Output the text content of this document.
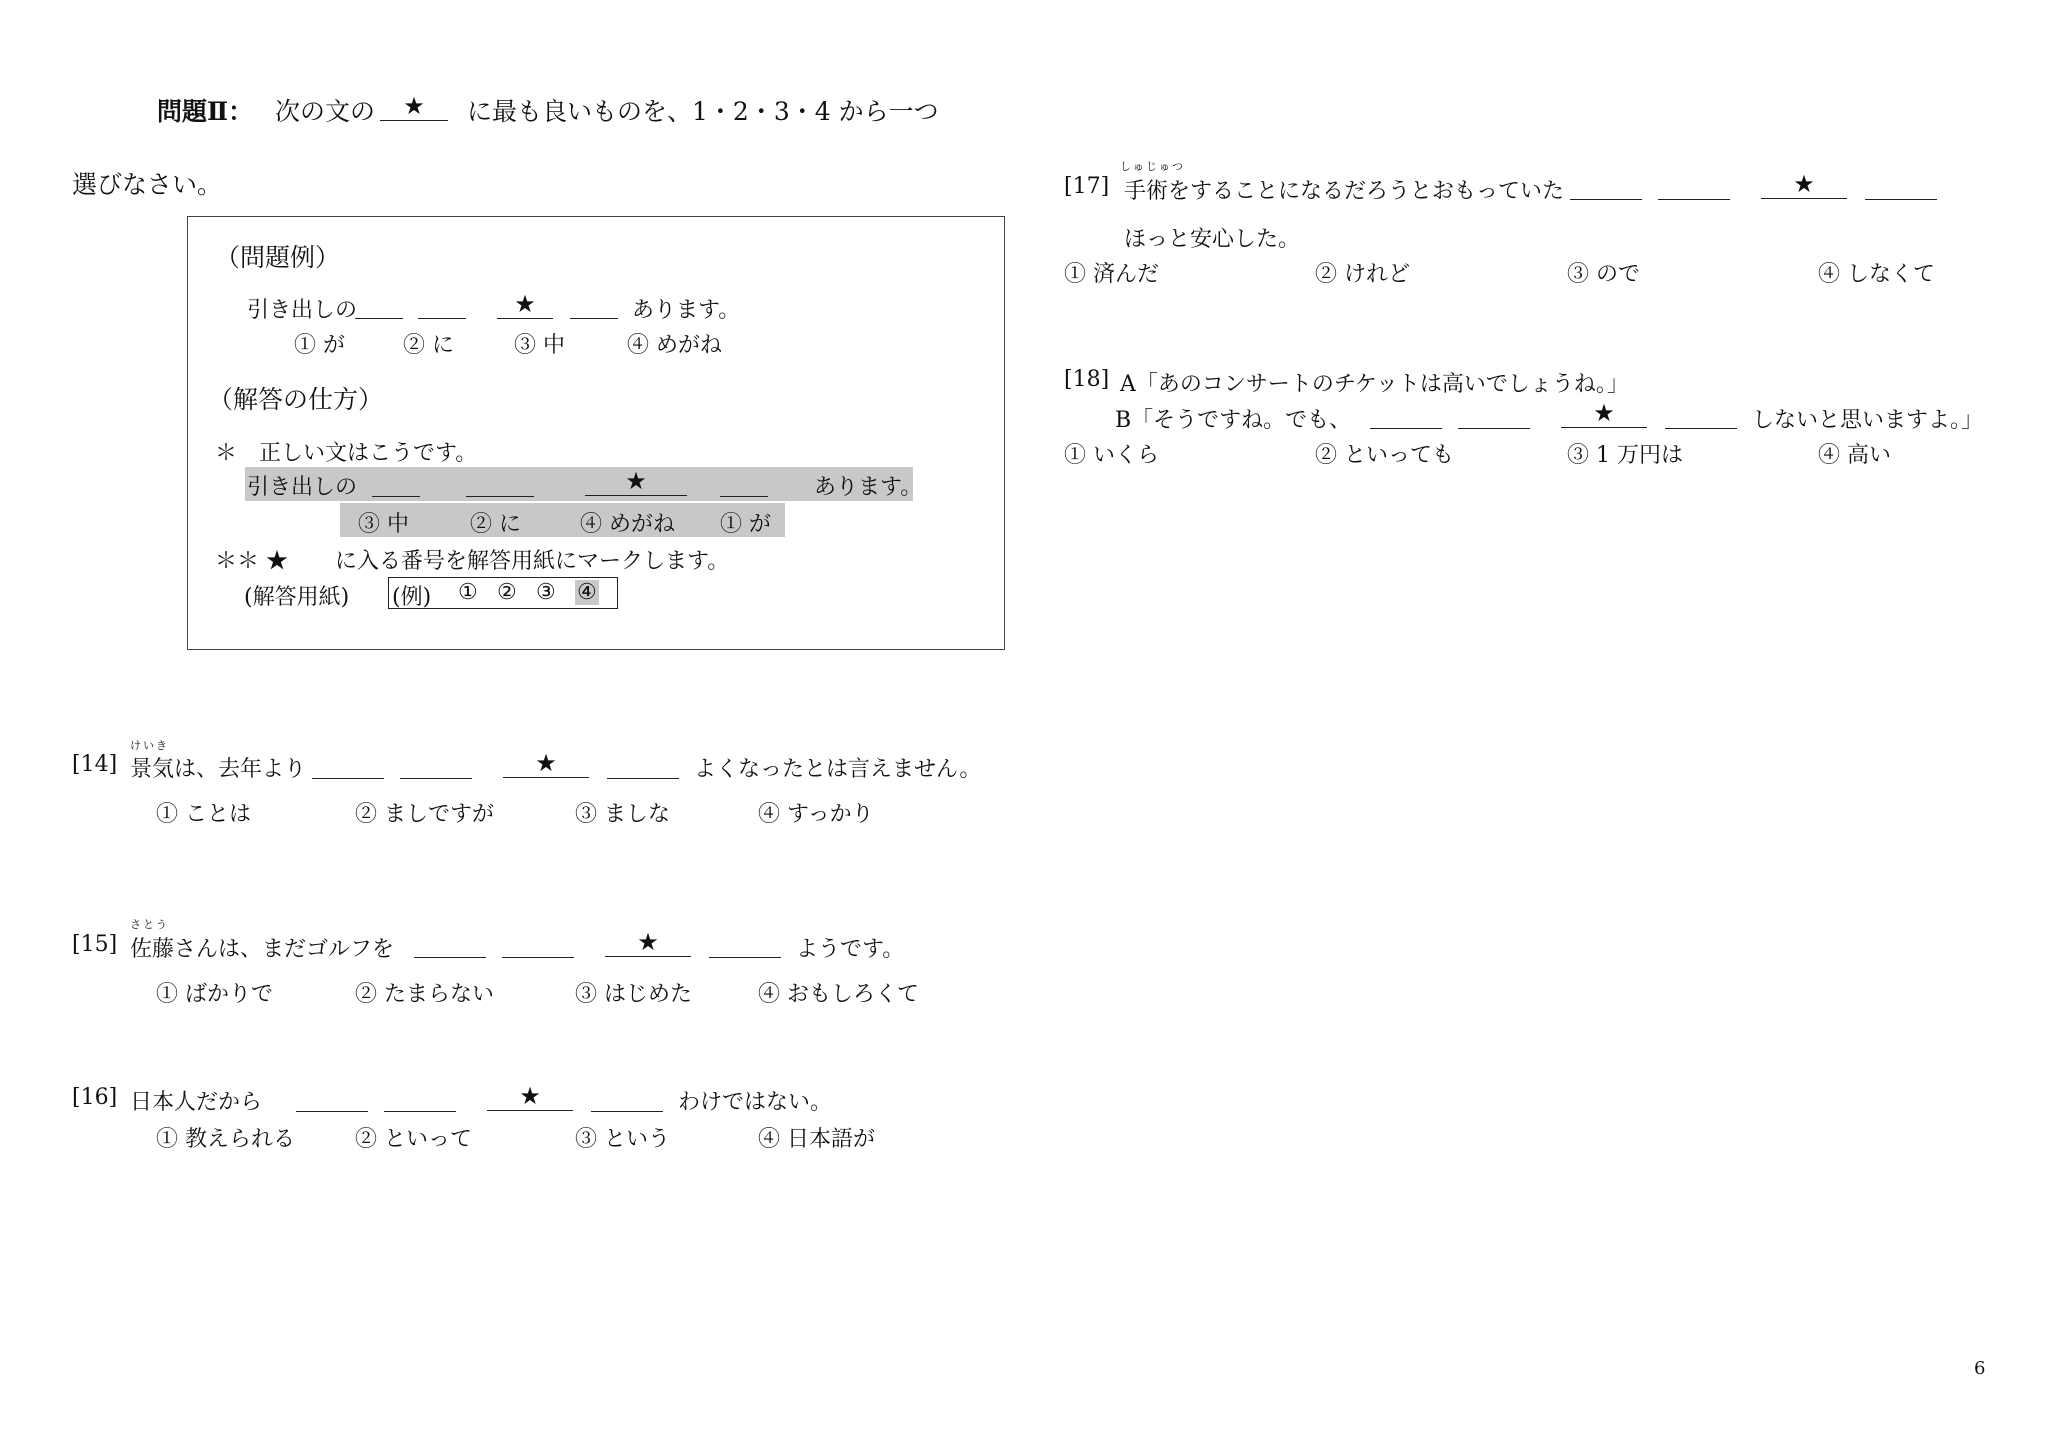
問題Ⅱ： 次の文の	★	に最も良いものを、1・2・3・4 から一つ
選びなさい。
（問題例）
引き出しの	★	あります。
① が	② に	③ 中	④ めがね
（解答の仕方）
＊　正しい文はこうです。
引き出しの	★	あります。
③ 中	② に	④ めがね ① が
＊＊ ★ に入る番号を解答用紙にマークします。
(解答用紙) (例) ① ② ③ ④
けいき
[14] 景気は、去年より	★	よくなったとは言えません。
① ことは	② ましですが	③ ましな	④ すっかり
さとう
[15] 佐藤さんは、まだゴルフを	★	ようです。
① ばかりで	② たまらない	③ はじめた	④ おもしろくて
[16] 日本人だから	★	わけではない。
① 教えられる	② といって	③ という	④ 日本語が
しゅじゅつ
[17] 手術をすることになるだろうとおもっていた	★
ほっと安心した。
① 済んだ	② けれど	③ ので	④ しなくて
[18] A「あのコンサートのチケットは高いでしょうね。」
B「そうですね。でも、	★	しないと思いますよ。」
① いくら	② といっても	③ 1 万円は	④ 高い
6
